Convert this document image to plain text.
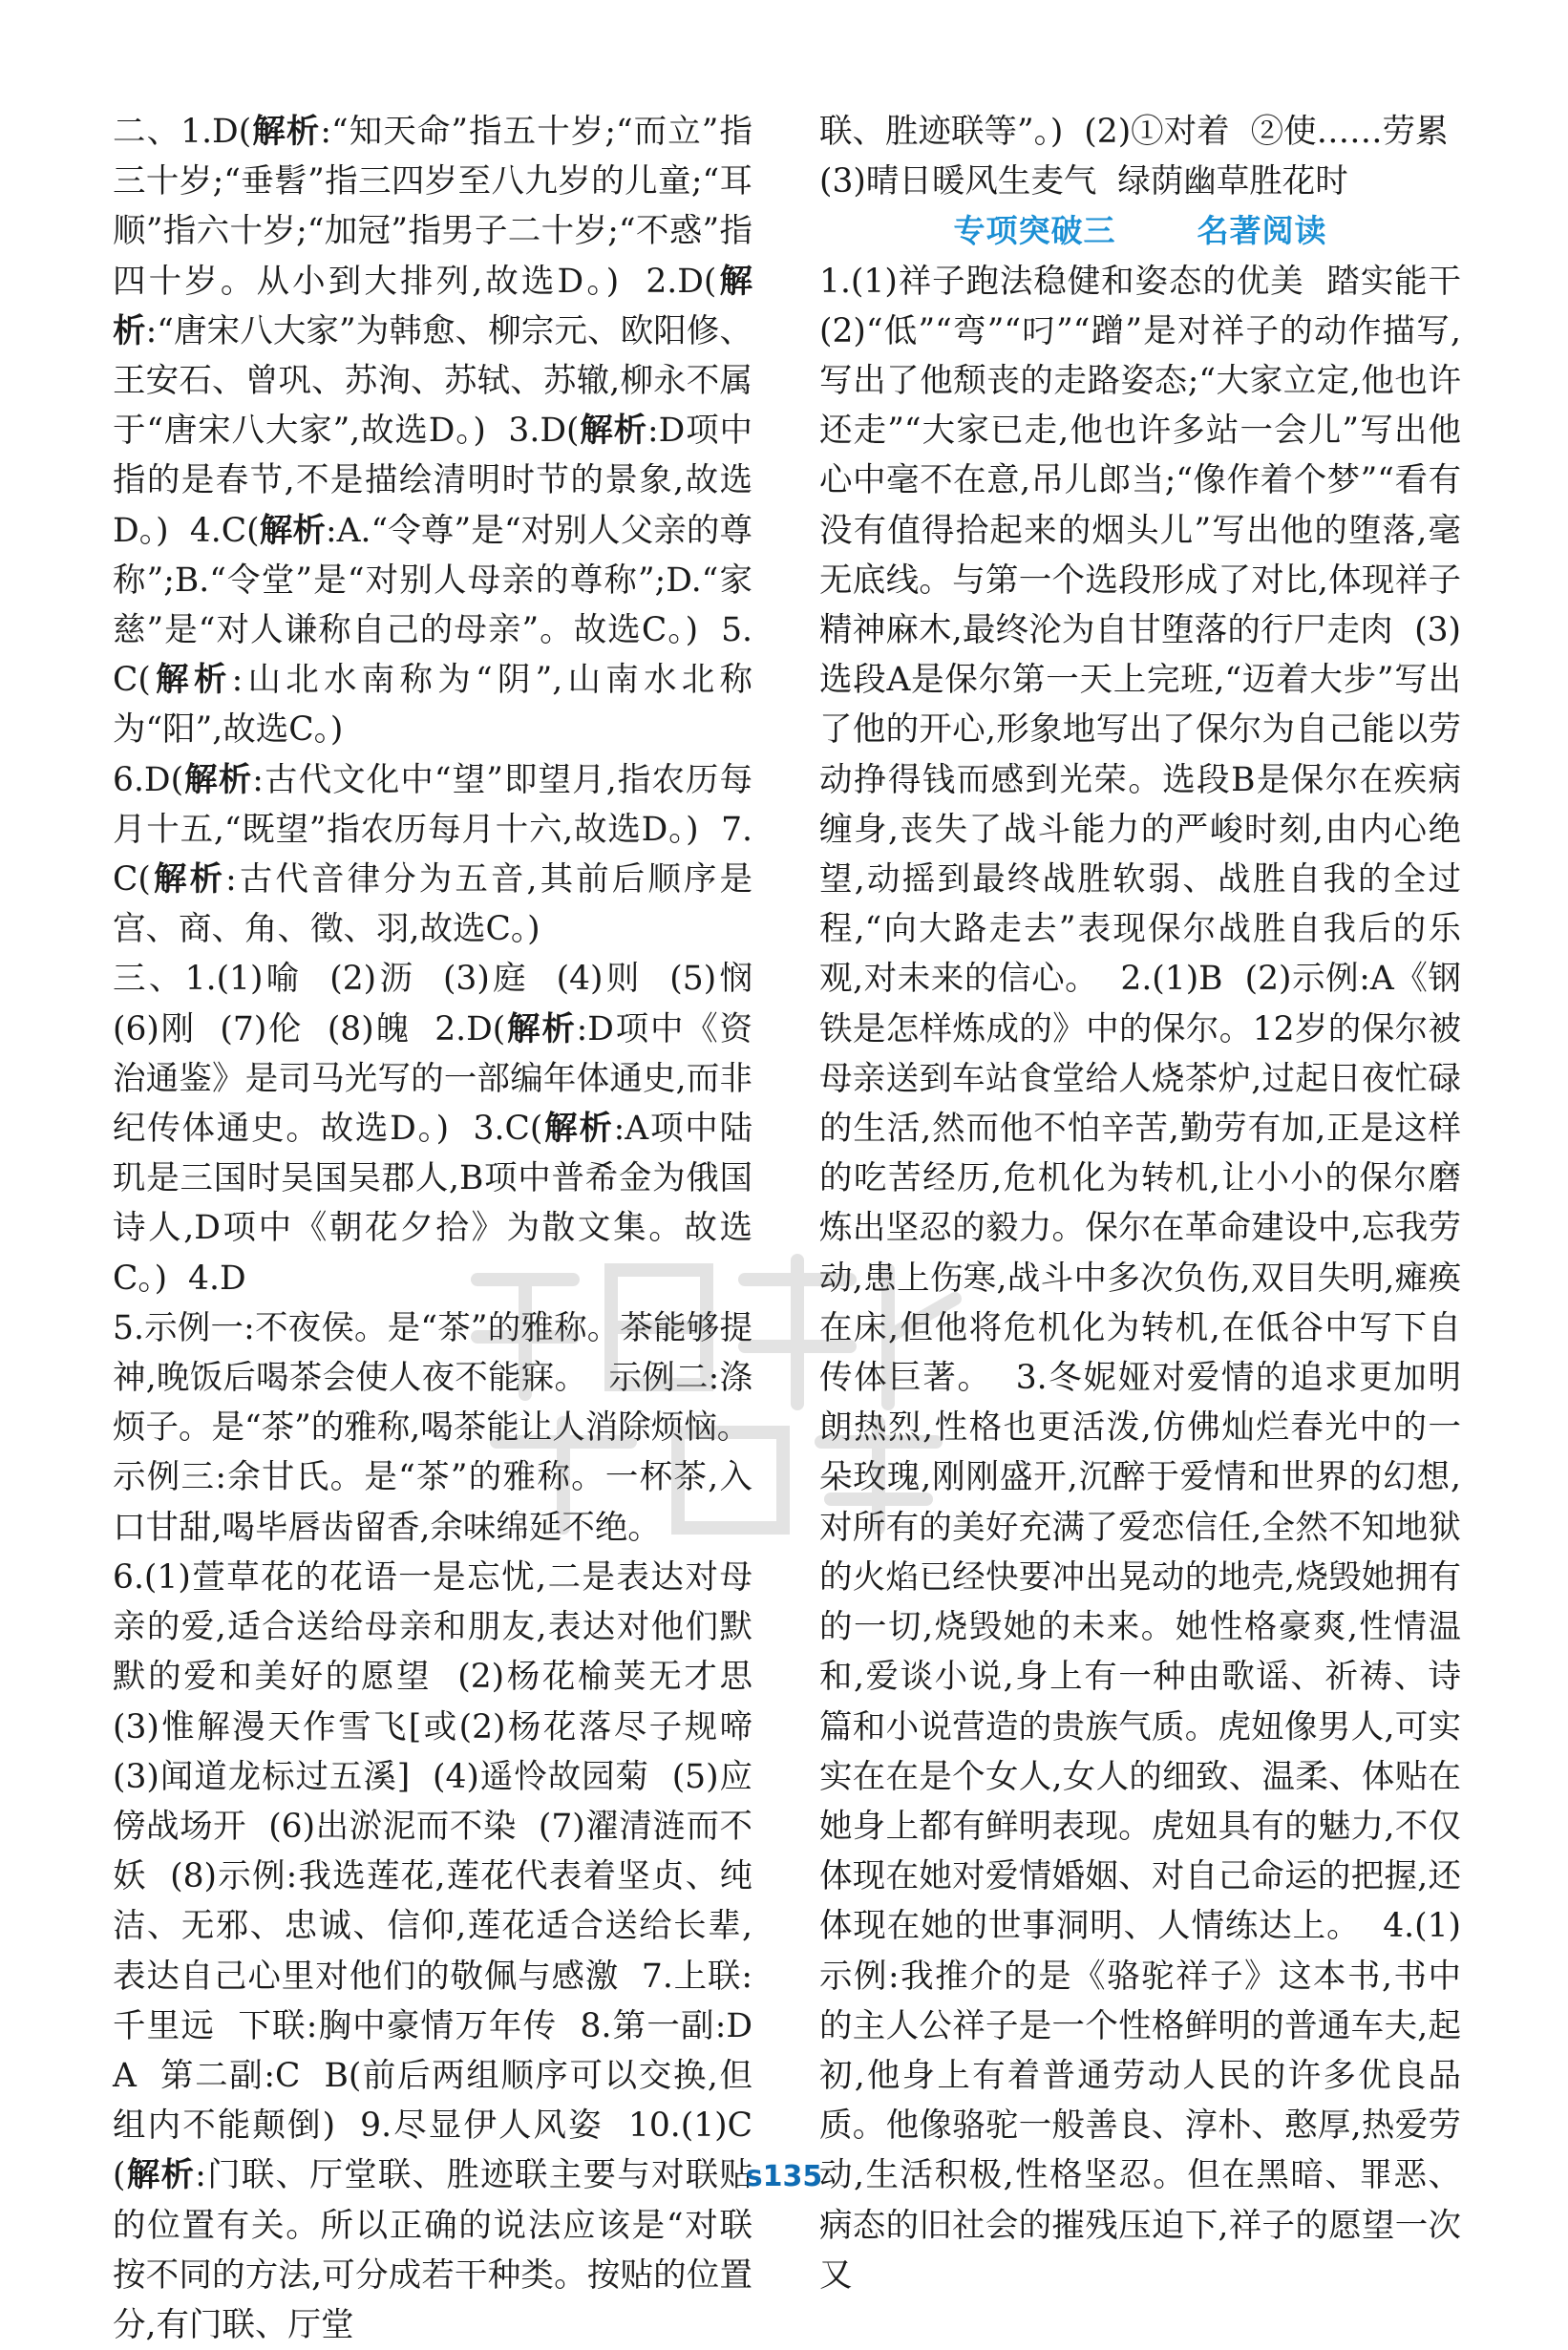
二、1.D(解析:“知天命”指五十岁;“而立”指三十岁;“垂髫”指三四岁至八九岁的儿童;“耳顺”指六十岁;“加冠”指男子二十岁;“不惑”指四十岁。从小到大排列,故选D。)  2.D(解析:“唐宋八大家”为韩愈、柳宗元、欧阳修、王安石、曾巩、苏洵、苏轼、苏辙,柳永不属于“唐宋八大家”,故选D。)  3.D(解析:D项中指的是春节,不是描绘清明时节的景象,故选D。)  4.C(解析:A.“令尊”是“对别人父亲的尊称”;B.“令堂”是“对别人母亲的尊称”;D.“家慈”是“对人谦称自己的母亲”。故选C。)  5.C(解析:山北水南称为“阴”,山南水北称为“阳”,故选C。)
6.D(解析:古代文化中“望”即望月,指农历每月十五,“既望”指农历每月十六,故选D。)  7.C(解析:古代音律分为五音,其前后顺序是宫、商、角、徵、羽,故选C。)
三、1.(1)喻  (2)沥  (3)庭  (4)则  (5)悯  (6)刚  (7)伦  (8)魄  2.D(解析:D项中《资治通鉴》是司马光写的一部编年体通史,而非纪传体通史。故选D。)  3.C(解析:A项中陆玑是三国时吴国吴郡人,B项中普希金为俄国诗人,D项中《朝花夕拾》为散文集。故选C。)  4.D
5.示例一:不夜侯。是“茶”的雅称。茶能够提神,晚饭后喝茶会使人夜不能寐。  示例二:涤烦子。是“茶”的雅称,喝茶能让人消除烦恼。
示例三:余甘氏。是“茶”的雅称。一杯茶,入口甘甜,喝毕唇齿留香,余味绵延不绝。
6.(1)萱草花的花语一是忘忧,二是表达对母亲的爱,适合送给母亲和朋友,表达对他们默默的爱和美好的愿望  (2)杨花榆荚无才思  (3)惟解漫天作雪飞[或(2)杨花落尽子规啼  (3)闻道龙标过五溪]  (4)遥怜故园菊  (5)应傍战场开  (6)出淤泥而不染  (7)濯清涟而不妖  (8)示例:我选莲花,莲花代表着坚贞、纯洁、无邪、忠诚、信仰,莲花适合送给长辈,表达自己心里对他们的敬佩与感激  7.上联:千里远  下联:胸中豪情万年传  8.第一副:D  A  第二副:C  B(前后两组顺序可以交换,但组内不能颠倒)  9.尽显伊人风姿  10.(1)C(解析:门联、厅堂联、胜迹联主要与对联贴的位置有关。所以正确的说法应该是“对联按不同的方法,可分成若干种类。按贴的位置分,有门联、厅堂

联、胜迹联等”。)  (2)①对着  ②使……劳累
(3)晴日暖风生麦气  绿荫幽草胜花时

专项突破三  名著阅读

1.(1)祥子跑法稳健和姿态的优美  踏实能干  (2)“低”“弯”“叼”“蹭”是对祥子的动作描写,写出了他颓丧的走路姿态;“大家立定,他也许还走”“大家已走,他也许多站一会儿”写出他心中毫不在意,吊儿郎当;“像作着个梦”“看有没有值得拾起来的烟头儿”写出他的堕落,毫无底线。与第一个选段形成了对比,体现祥子精神麻木,最终沦为自甘堕落的行尸走肉  (3)选段A是保尔第一天上完班,“迈着大步”写出了他的开心,形象地写出了保尔为自己能以劳动挣得钱而感到光荣。选段B是保尔在疾病缠身,丧失了战斗能力的严峻时刻,由内心绝望,动摇到最终战胜软弱、战胜自我的全过程,“向大路走去”表现保尔战胜自我后的乐观,对未来的信心。  2.(1)B  (2)示例:A《钢铁是怎样炼成的》中的保尔。12岁的保尔被母亲送到车站食堂给人烧茶炉,过起日夜忙碌的生活,然而他不怕辛苦,勤劳有加,正是这样的吃苦经历,危机化为转机,让小小的保尔磨炼出坚忍的毅力。保尔在革命建设中,忘我劳动,患上伤寒,战斗中多次负伤,双目失明,瘫痪在床,但他将危机化为转机,在低谷中写下自传体巨著。  3.冬妮娅对爱情的追求更加明朗热烈,性格也更活泼,仿佛灿烂春光中的一朵玫瑰,刚刚盛开,沉醉于爱情和世界的幻想,对所有的美好充满了爱恋信任,全然不知地狱的火焰已经快要冲出晃动的地壳,烧毁她拥有的一切,烧毁她的未来。她性格豪爽,性情温和,爱谈小说,身上有一种由歌谣、祈祷、诗篇和小说营造的贵族气质。虎妞像男人,可实实在在是个女人,女人的细致、温柔、体贴在她身上都有鲜明表现。虎妞具有的魅力,不仅体现在她对爱情婚姻、对自己命运的把握,还体现在她的世事洞明、人情练达上。  4.(1)示例:我推介的是《骆驼祥子》这本书,书中的主人公祥子是一个性格鲜明的普通车夫,起初,他身上有着普通劳动人民的许多优良品质。他像骆驼一般善良、淳朴、憨厚,热爱劳动,生活积极,性格坚忍。但在黑暗、罪恶、病态的旧社会的摧残压迫下,祥子的愿望一次又

s135
